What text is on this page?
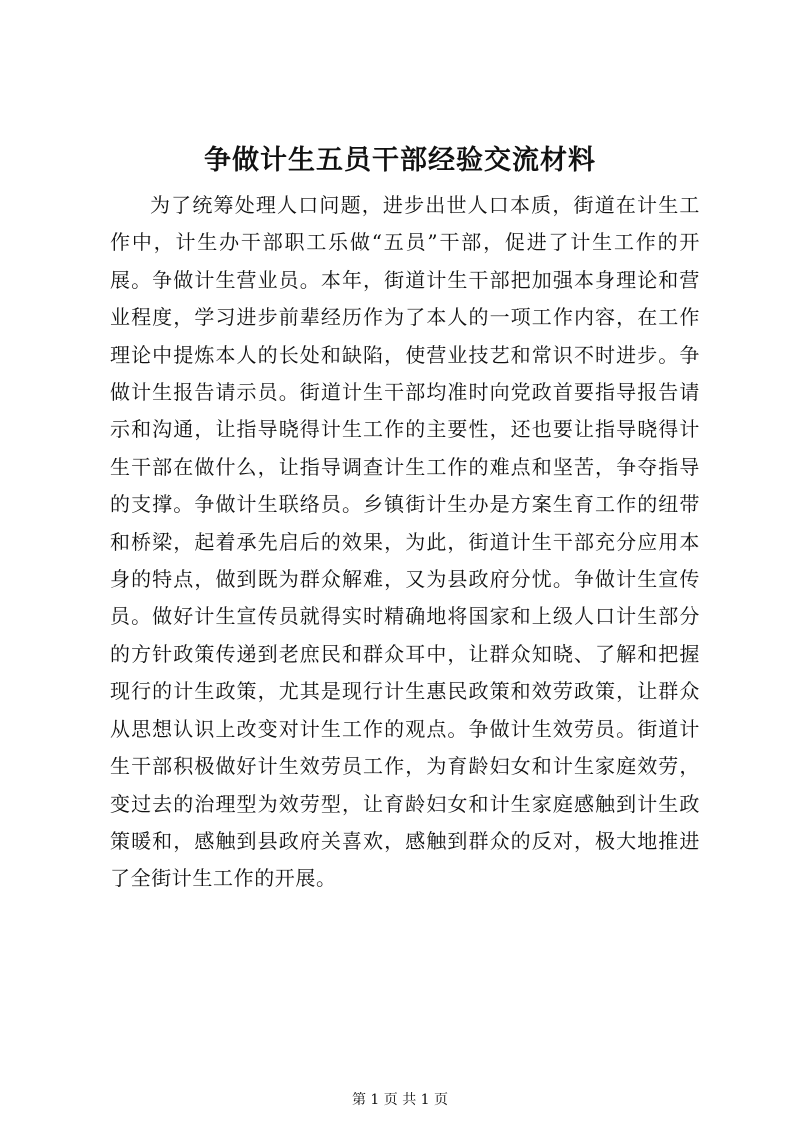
争做计生五员干部经验交流材料

为了统筹处理人口问题，进步出世人口本质，街道在计生工作中，计生办干部职工乐做“五员”干部，促进了计生工作的开展。争做计生营业员。本年，街道计生干部把加强本身理论和营业程度，学习进步前辈经历作为了本人的一项工作内容，在工作理论中提炼本人的长处和缺陷，使营业技艺和常识不时进步。争做计生报告请示员。街道计生干部均准时向党政首要指导报告请示和沟通，让指导晓得计生工作的主要性，还也要让指导晓得计生干部在做什么，让指导调查计生工作的难点和坚苦，争夺指导的支撑。争做计生联络员。乡镇街计生办是方案生育工作的纽带和桥梁，起着承先启后的效果，为此，街道计生干部充分应用本身的特点，做到既为群众解难，又为县政府分忧。争做计生宣传员。做好计生宣传员就得实时精确地将国家和上级人口计生部分的方针政策传递到老庶民和群众耳中，让群众知晓、了解和把握现行的计生政策，尤其是现行计生惠民政策和效劳政策，让群众从思想认识上改变对计生工作的观点。争做计生效劳员。街道计生干部积极做好计生效劳员工作，为育龄妇女和计生家庭效劳，变过去的治理型为效劳型，让育龄妇女和计生家庭感触到计生政策暖和，感触到县政府关喜欢，感触到群众的反对，极大地推进了全街计生工作的开展。

第 1 页 共 1 页
